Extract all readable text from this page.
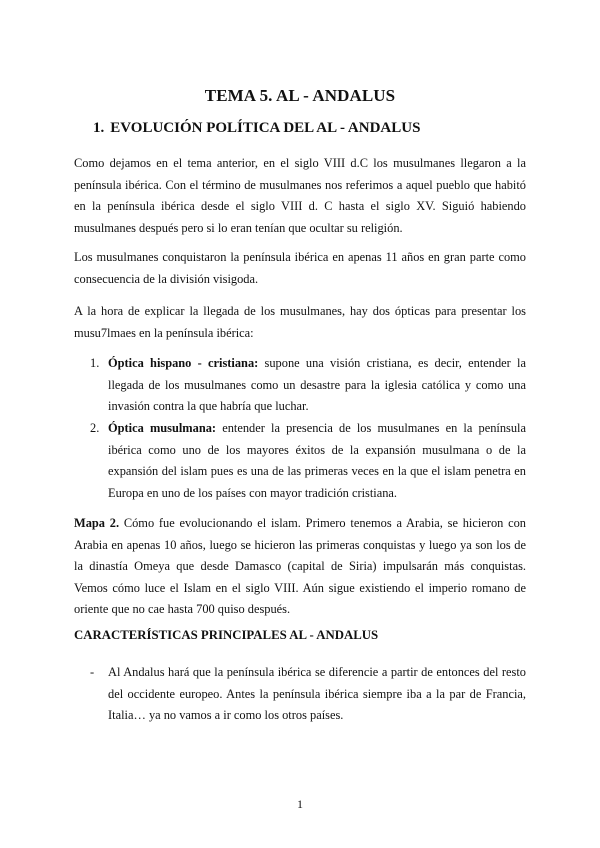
TEMA 5. AL - ANDALUS
1. EVOLUCIÓN POLÍTICA DEL AL - ANDALUS

Como dejamos en el tema anterior, en el siglo VIII d.C los musulmanes llegaron a la península ibérica. Con el término de musulmanes nos referimos a aquel pueblo que habitó en la península ibérica desde el siglo VIII d. C hasta el siglo XV. Siguió habiendo musulmanes después pero si lo eran tenían que ocultar su religión.

Los musulmanes conquistaron la península ibérica en apenas 11 años en gran parte como consecuencia de la división visigoda.

A la hora de explicar la llegada de los musulmanes, hay dos ópticas para presentar los musu7lmaes en la península ibérica:

1. Óptica hispano - cristiana: supone una visión cristiana, es decir, entender la llegada de los musulmanes como un desastre para la iglesia católica y como una invasión contra la que habría que luchar.
2. Óptica musulmana: entender la presencia de los musulmanes en la península ibérica como uno de los mayores éxitos de la expansión musulmana o de la expansión del islam pues es una de las primeras veces en la que el islam penetra en Europa en uno de los países con mayor tradición cristiana.

Mapa 2. Cómo fue evolucionando el islam. Primero tenemos a Arabia, se hicieron con Arabia en apenas 10 años, luego se hicieron las primeras conquistas y luego ya son los de la dinastía Omeya que desde Damasco (capital de Siria) impulsarán más conquistas. Vemos cómo luce el Islam en el siglo VIII. Aún sigue existiendo el imperio romano de oriente que no cae hasta 700 quiso después.

CARACTERÍSTICAS PRINCIPALES AL - ANDALUS
- Al Andalus hará que la península ibérica se diferencie a partir de entonces del resto del occidente europeo. Antes la península ibérica siempre iba a la par de Francia, Italia… ya no vamos a ir como los otros países.
1
